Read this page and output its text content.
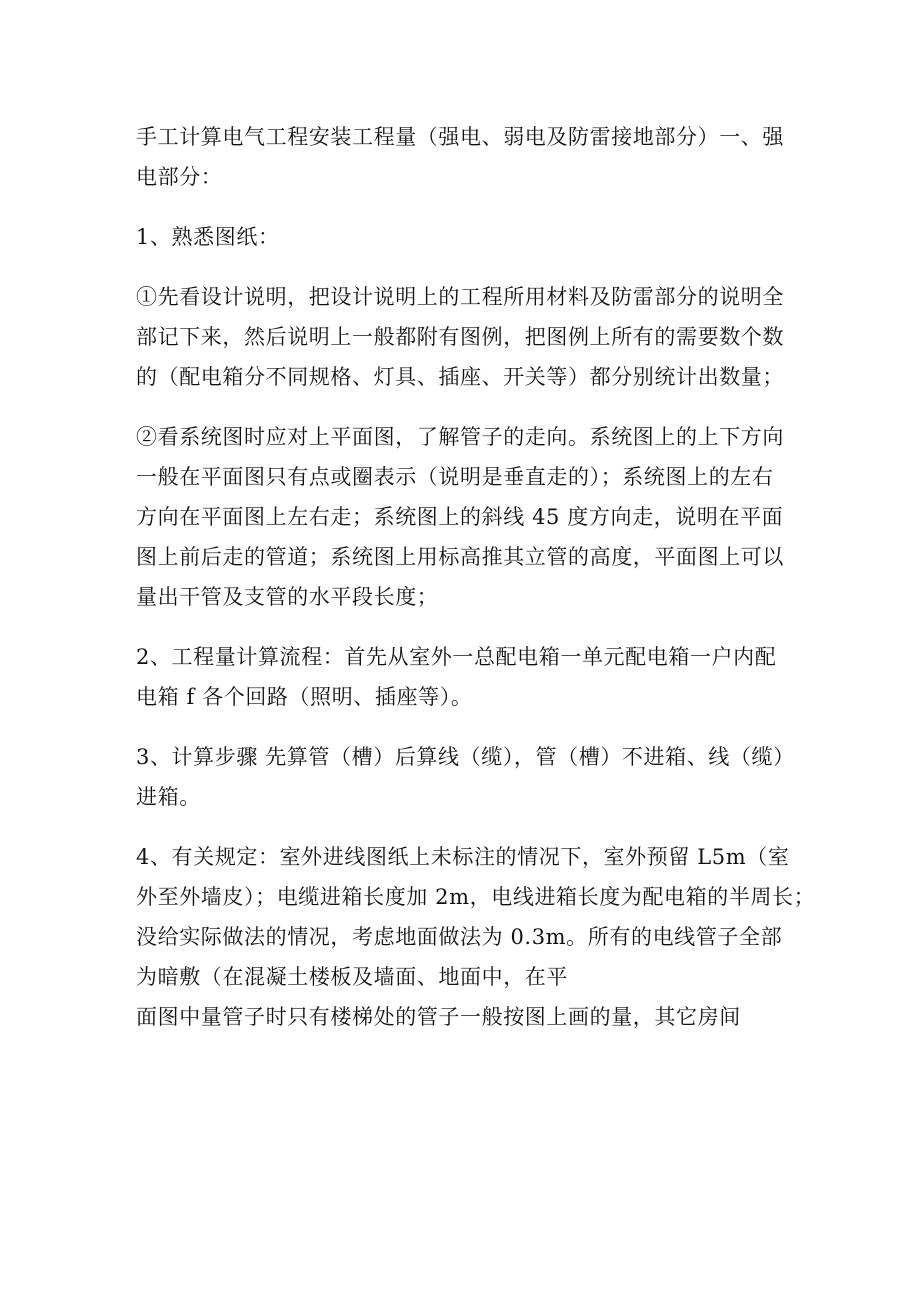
手工计算电气工程安装工程量（强电、弱电及防雷接地部分）一、强
电部分：

1、熟悉图纸：

①先看设计说明，把设计说明上的工程所用材料及防雷部分的说明全
部记下来，然后说明上一般都附有图例，把图例上所有的需要数个数
的（配电箱分不同规格、灯具、插座、开关等）都分别统计出数量；

②看系统图时应对上平面图，了解管子的走向。系统图上的上下方向
一般在平面图只有点或圈表示（说明是垂直走的）；系统图上的左右
方向在平面图上左右走；系统图上的斜线 45 度方向走，说明在平面
图上前后走的管道；系统图上用标高推其立管的高度，平面图上可以
量出干管及支管的水平段长度；

2、工程量计算流程：首先从室外一总配电箱一单元配电箱一户内配
电箱 f 各个回路（照明、插座等）。

3、计算步骤 先算管（槽）后算线（缆），管（槽）不进箱、线（缆）
进箱。

4、有关规定：室外进线图纸上未标注的情况下，室外预留 L5m（室
外至外墙皮）；电缆进箱长度加 2m，电线进箱长度为配电箱的半周长；
没给实际做法的情况，考虑地面做法为 0.3m。所有的电线管子全部
为暗敷（在混凝土楼板及墙面、地面中，在平

面图中量管子时只有楼梯处的管子一般按图上画的量，其它房间
